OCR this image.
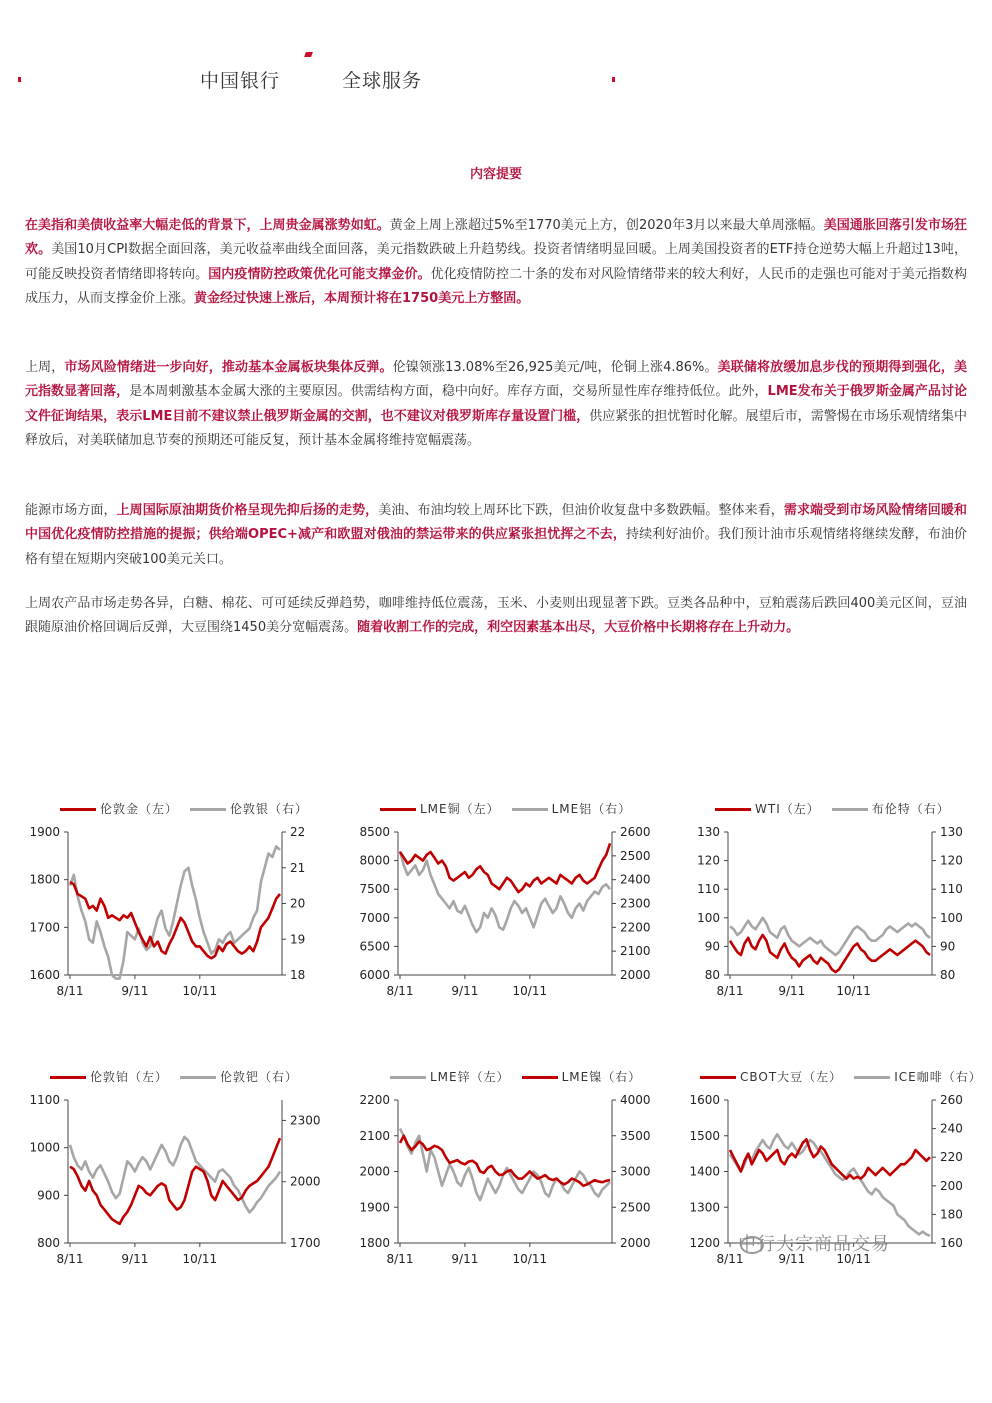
中国银行	全球服务
内容提要
在美指和美债收益率大幅走低的背景下，上周贵金属涨势如虹。黄金上周上涨超过5%至1770美元上方，创2020年3月以来最大单周涨幅。美国通胀回落引发市场狂欢。美国10月CPI数据全面回落，美元收益率曲线全面回落，美元指数跌破上升趋势线。投资者情绪明显回暖。上周美国投资者的ETF持仓逆势大幅上升超过13吨，可能反映投资者情绪即将转向。国内疫情防控政策优化可能支撑金价。优化疫情防控二十条的发布对风险情绪带来的较大利好，人民币的走强也可能对于美元指数构成压力，从而支撑金价上涨。黄金经过快速上涨后，本周预计将在1750美元上方整固。
上周，市场风险情绪进一步向好，推动基本金属板块集体反弹。伦镍领涨13.08%至26,925美元/吨，伦铜上涨4.86%。美联储将放缓加息步伐的预期得到强化，美元指数显著回落，是本周刺激基本金属大涨的主要原因。供需结构方面，稳中向好。库存方面，交易所显性库存维持低位。此外，LME发布关于俄罗斯金属产品讨论文件征询结果，表示LME目前不建议禁止俄罗斯金属的交割，也不建议对俄罗斯库存量设置门槛，供应紧张的担忧暂时化解。展望后市，需警惕在市场乐观情绪集中释放后，对美联储加息节奏的预期还可能反复，预计基本金属将维持宽幅震荡。
能源市场方面，上周国际原油期货价格呈现先抑后扬的走势，美油、布油均较上周环比下跌，但油价收复盘中多数跌幅。整体来看，需求端受到市场风险情绪回暖和中国优化疫情防控措施的提振；供给端OPEC+减产和欧盟对俄油的禁运带来的供应紧张担忧挥之不去，持续利好油价。我们预计油市乐观情绪将继续发酵，布油价格有望在短期内突破100美元关口。
上周农产品市场走势各异，白糖、棉花、可可延续反弹趋势，咖啡维持低位震荡，玉米、小麦则出现显著下跌。豆类各品种中，豆粕震荡后跌回400美元区间，豆油跟随原油价格回调后反弹，大豆围绕1450美分宽幅震荡。随着收割工作的完成，利空因素基本出尽，大豆价格中长期将存在上升动力。
伦敦金（左）	伦敦银（右）
1600
1700
1800
1900
18
19
20
21
22
8/11	9/11	10/11
LME铜（左）	LME铝（右）
6000
6500
7000
7500
8000
8500
2000
2100
2200
2300
2400
2500
2600
8/11	9/11	10/11
WTI（左）	布伦特（右）
80
90
100
110
120
130
80
90
100
110
120
130
8/11	9/11	10/11
伦敦铂（左）	伦敦钯（右）
800
900
1000
1100
1700
2000
2300
8/11	9/11	10/11
LME锌（左）	LME镍（右）
1800
1900
2000
2100
2200
2000
2500
3000
3500
4000
8/11	9/11	10/11
CBOT大豆（左）	ICE咖啡（右）
1200
1300
1400
1500
1600
160
180
200
220
240
260
8/11	9/11	10/11
中行大宗商品交易
